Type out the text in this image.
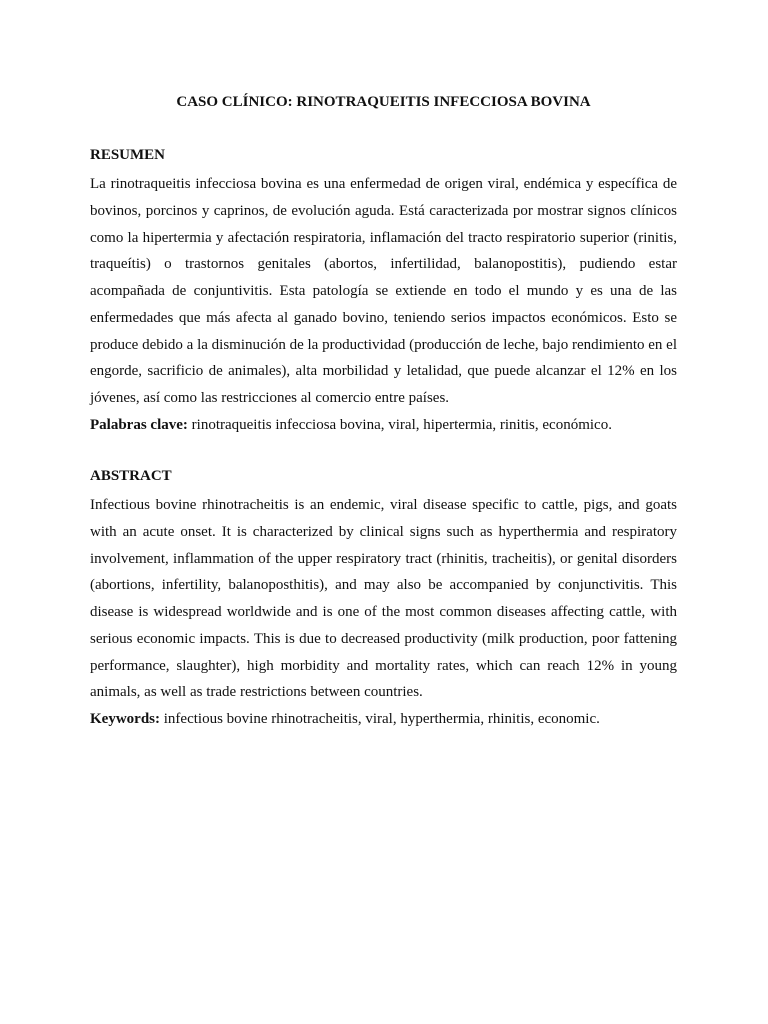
CASO CLÍNICO: RINOTRAQUEITIS INFECCIOSA BOVINA
RESUMEN

La rinotraqueitis infecciosa bovina es una enfermedad de origen viral, endémica y específica de bovinos, porcinos y caprinos, de evolución aguda. Está caracterizada por mostrar signos clínicos como la hipertermia y afectación respiratoria, inflamación del tracto respiratorio superior (rinitis, traqueítis) o trastornos genitales (abortos, infertilidad, balanopostitis), pudiendo estar acompañada de conjuntivitis. Esta patología se extiende en todo el mundo y es una de las enfermedades que más afecta al ganado bovino, teniendo serios impactos económicos. Esto se produce debido a la disminución de la productividad (producción de leche, bajo rendimiento en el engorde, sacrificio de animales), alta morbilidad y letalidad, que puede alcanzar el 12% en los jóvenes, así como las restricciones al comercio entre países.

Palabras clave: rinotraqueitis infecciosa bovina, viral, hipertermia, rinitis, económico.

ABSTRACT

Infectious bovine rhinotracheitis is an endemic, viral disease specific to cattle, pigs, and goats with an acute onset. It is characterized by clinical signs such as hyperthermia and respiratory involvement, inflammation of the upper respiratory tract (rhinitis, tracheitis), or genital disorders (abortions, infertility, balanoposthitis), and may also be accompanied by conjunctivitis. This disease is widespread worldwide and is one of the most common diseases affecting cattle, with serious economic impacts. This is due to decreased productivity (milk production, poor fattening performance, slaughter), high morbidity and mortality rates, which can reach 12% in young animals, as well as trade restrictions between countries.

Keywords: infectious bovine rhinotracheitis, viral, hyperthermia, rhinitis, economic.
